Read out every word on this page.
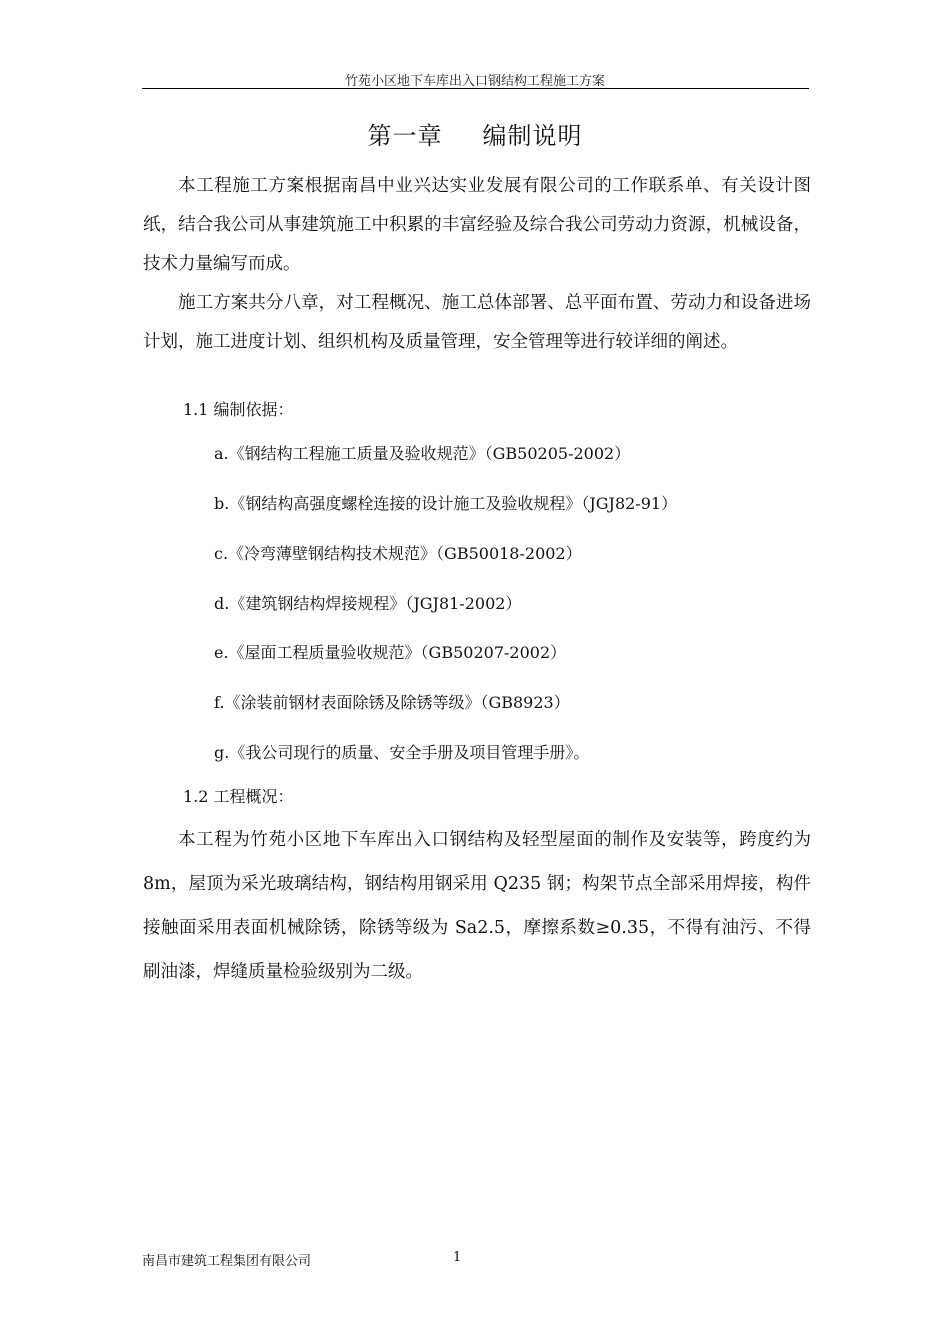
竹苑小区地下车库出入口钢结构工程施工方案
第一章 编制说明
本工程施工方案根据南昌中业兴达实业发展有限公司的工作联系单、有关设计图纸，结合我公司从事建筑施工中积累的丰富经验及综合我公司劳动力资源，机械设备，技术力量编写而成。
施工方案共分八章，对工程概况、施工总体部署、总平面布置、劳动力和设备进场计划，施工进度计划、组织机构及质量管理，安全管理等进行较详细的阐述。
1.1 编制依据：
a.《钢结构工程施工质量及验收规范》（GB50205-2002）
b.《钢结构高强度螺栓连接的设计施工及验收规程》（JGJ82-91）
c.《冷弯薄壁钢结构技术规范》（GB50018-2002）
d.《建筑钢结构焊接规程》（JGJ81-2002）
e.《屋面工程质量验收规范》（GB50207-2002）
f.《涂装前钢材表面除锈及除锈等级》（GB8923）
g.《我公司现行的质量、安全手册及项目管理手册》。
1.2 工程概况：
本工程为竹苑小区地下车库出入口钢结构及轻型屋面的制作及安装等，跨度约为 8m，屋顶为采光玻璃结构，钢结构用钢采用 Q235 钢；构架节点全部采用焊接，构件接触面采用表面机械除锈，除锈等级为 Sa2.5，摩擦系数≥0.35，不得有油污、不得刷油漆，焊缝质量检验级别为二级。
南昌市建筑工程集团有限公司	1
